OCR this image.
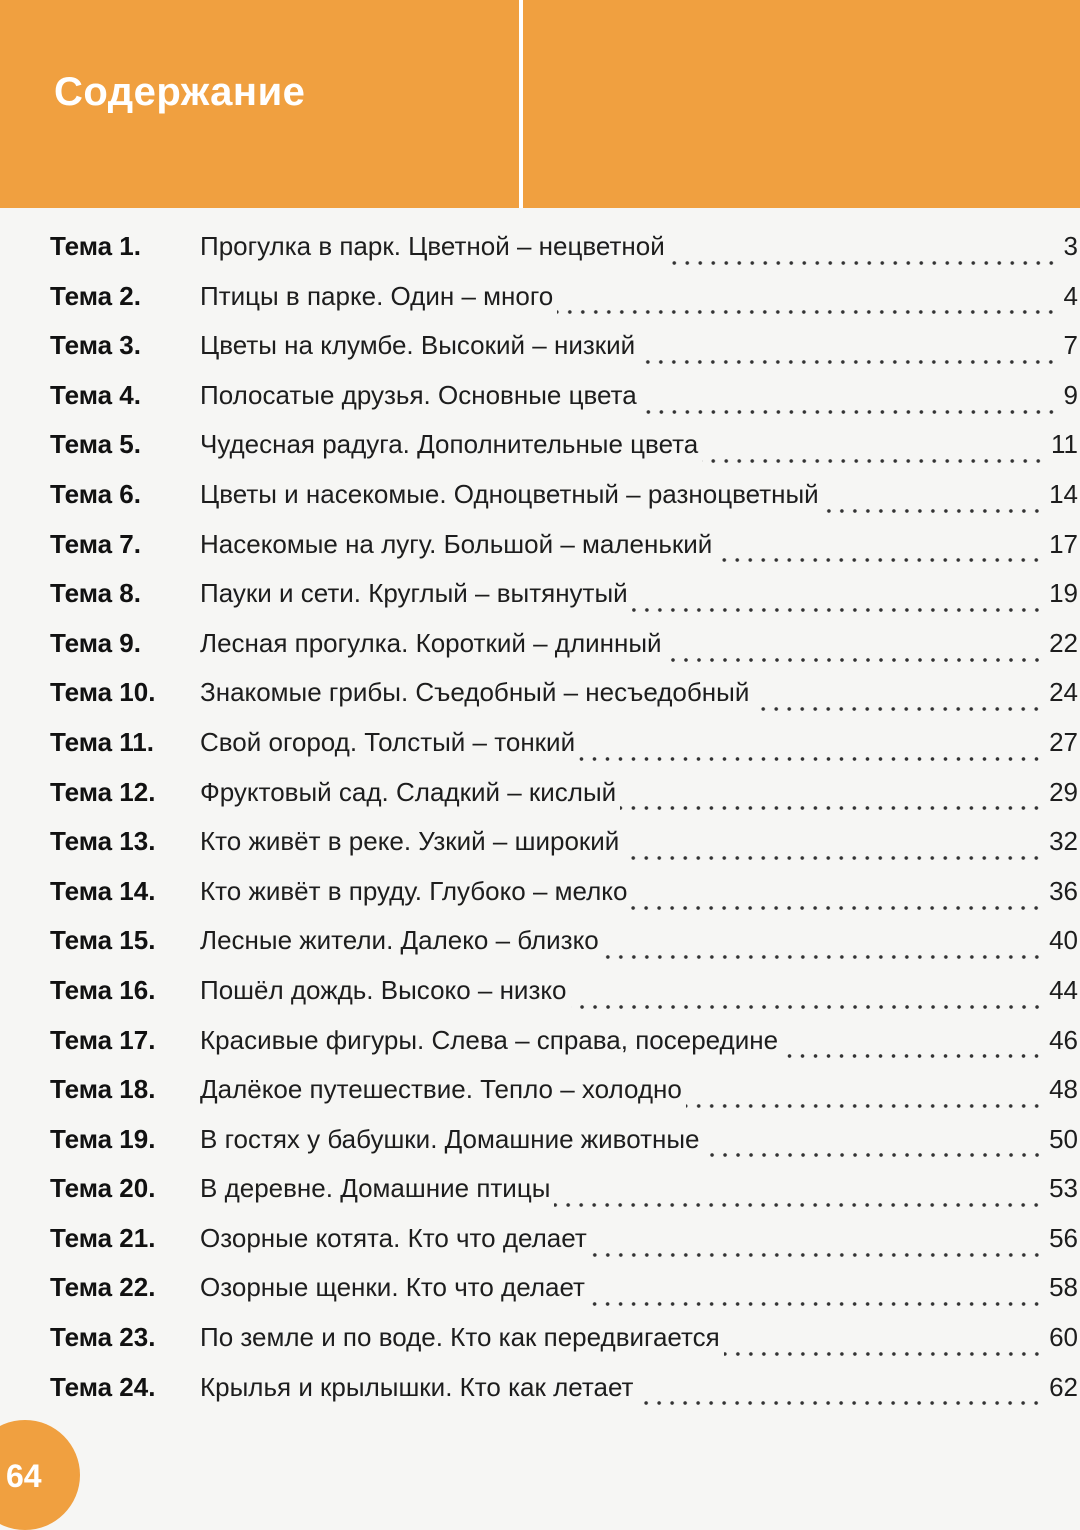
Содержание
Тема 1.	Прогулка в парк. Цветной – нецветной	3
Тема 2.	Птицы в парке. Один – много	4
Тема 3.	Цветы на клумбе. Высокий – низкий	7
Тема 4.	Полосатые друзья. Основные цвета	9
Тема 5.	Чудесная радуга. Дополнительные цвета	11
Тема 6.	Цветы и насекомые. Одноцветный – разноцветный	14
Тема 7.	Насекомые на лугу. Большой – маленький	17
Тема 8.	Пауки и сети. Круглый – вытянутый	19
Тема 9.	Лесная прогулка. Короткий – длинный	22
Тема 10.	Знакомые грибы. Съедобный – несъедобный	24
Тема 11.	Свой огород. Толстый – тонкий	27
Тема 12.	Фруктовый сад. Сладкий – кислый	29
Тема 13.	Кто живёт в реке. Узкий – широкий	32
Тема 14.	Кто живёт в пруду. Глубоко – мелко	36
Тема 15.	Лесные жители. Далеко – близко	40
Тема 16.	Пошёл дождь. Высоко – низко	44
Тема 17.	Красивые фигуры. Слева – справа, посередине	46
Тема 18.	Далёкое путешествие. Тепло – холодно	48
Тема 19.	В гостях у бабушки. Домашние животные	50
Тема 20.	В деревне. Домашние птицы	53
Тема 21.	Озорные котята. Кто что делает	56
Тема 22.	Озорные щенки. Кто что делает	58
Тема 23.	По земле и по воде. Кто как передвигается	60
Тема 24.	Крылья и крылышки. Кто как летает	62
64
